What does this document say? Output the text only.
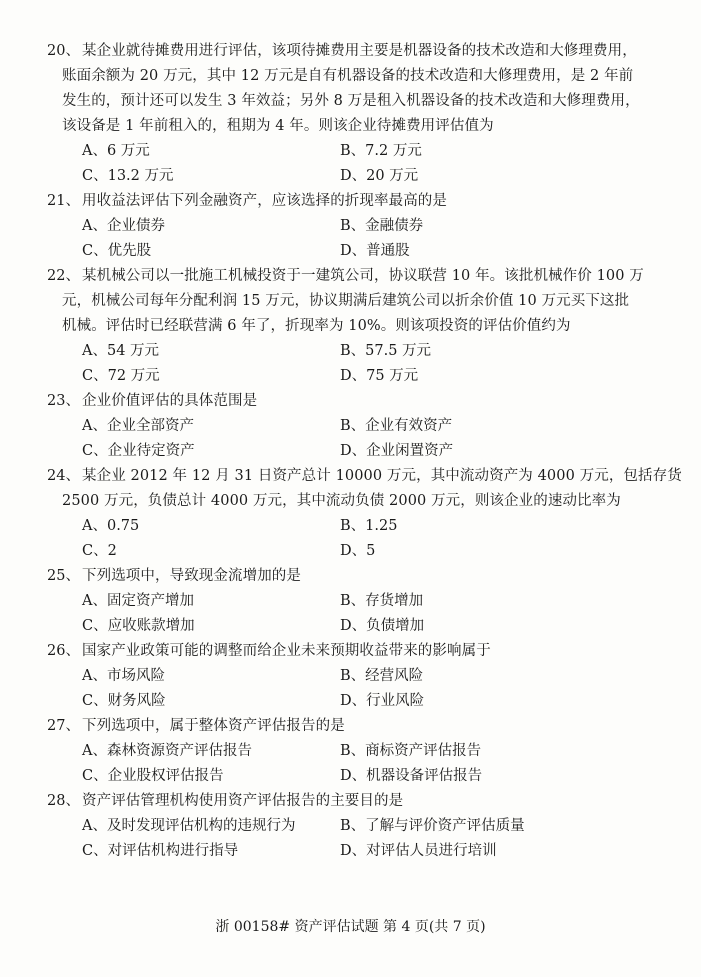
20、 某企业就待摊费用进行评估，该项待摊费用主要是机器设备的技术改造和大修理费用，
账面余额为 20 万元，其中 12 万元是自有机器设备的技术改造和大修理费用，是 2 年前
发生的，预计还可以发生 3 年效益；另外 8 万是租入机器设备的技术改造和大修理费用，
该设备是 1 年前租入的，租期为 4 年。则该企业待摊费用评估值为
A、6 万元	B、7.2 万元
C、13.2 万元	D、20 万元
21、 用收益法评估下列金融资产，应该选择的折现率最高的是
A、企业债券	B、金融债券
C、优先股	D、普通股
22、 某机械公司以一批施工机械投资于一建筑公司，协议联营 10 年。该批机械作价 100 万
元，机械公司每年分配利润 15 万元，协议期满后建筑公司以折余价值 10 万元买下这批
机械。评估时已经联营满 6 年了，折现率为 10%。则该项投资的评估价值约为
A、54 万元	B、57.5 万元
C、72 万元	D、75 万元
23、 企业价值评估的具体范围是
A、企业全部资产	B、企业有效资产
C、企业待定资产	D、企业闲置资产
24、 某企业 2012 年 12 月 31 日资产总计 10000 万元，其中流动资产为 4000 万元，包括存货
2500 万元，负债总计 4000 万元，其中流动负债 2000 万元，则该企业的速动比率为
A、0.75	B、1.25
C、2	D、5
25、 下列选项中，导致现金流增加的是
A、固定资产增加	B、存货增加
C、应收账款增加	D、负债增加
26、 国家产业政策可能的调整而给企业未来预期收益带来的影响属于
A、市场风险	B、经营风险
C、财务风险	D、行业风险
27、 下列选项中，属于整体资产评估报告的是
A、森林资源资产评估报告	B、商标资产评估报告
C、企业股权评估报告	D、机器设备评估报告
28、 资产评估管理机构使用资产评估报告的主要目的是
A、及时发现评估机构的违规行为	B、了解与评价资产评估质量
C、对评估机构进行指导	D、对评估人员进行培训
浙 00158# 资产评估试题 第 4 页(共 7 页)
